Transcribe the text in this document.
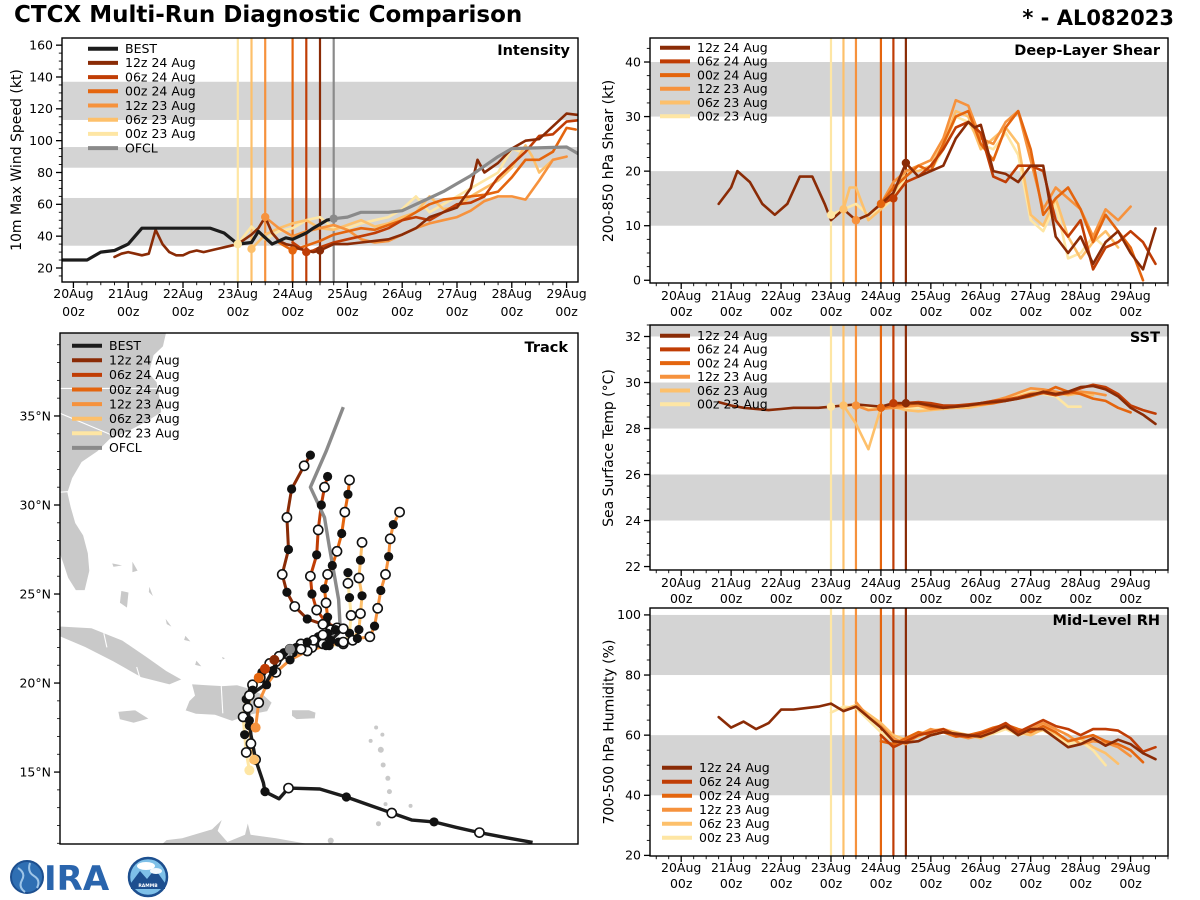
CTCX Multi-Run Diagnostic Comparison	* - AL082023
10m Max Wind Speed (kt)	200-850 hPa Shear (kt)
Sea Surface Temp (°C)
700-500 hPa Humidity (%)
20Aug
00z
21Aug
00z
22Aug
00z
23Aug
00z
24Aug
00z
25Aug
00z
26Aug
00z
27Aug
00z
28Aug
00z
29Aug
00z
20
40
60
80
100
120
140
160	BEST
12z 24 Aug
06z 24 Aug
00z 24 Aug
12z 23 Aug
06z 23 Aug
00z 23 Aug
OFCL
Intensity
20Aug
00z
21Aug
00z
22Aug
00z
23Aug
00z
24Aug
00z
25Aug
00z
26Aug
00z
27Aug
00z
28Aug
00z
29Aug
00z
0
10
20
30
40
12z 24 Aug
06z 24 Aug
00z 24 Aug
12z 23 Aug
06z 23 Aug
00z 23 Aug
Deep-Layer Shear
20Aug
00z
21Aug
00z
22Aug
00z
23Aug
00z
24Aug
00z
25Aug
00z
26Aug
00z
27Aug
00z
28Aug
00z
29Aug
00z
22
24
26
28
30
32	12z 24 Aug
06z 24 Aug
00z 24 Aug
12z 23 Aug
06z 23 Aug
00z 23 Aug
SST
20Aug
00z
21Aug
00z
22Aug
00z
23Aug
00z
24Aug
00z
25Aug
00z
26Aug
00z
27Aug
00z
28Aug
00z
29Aug
00z
20
40
60
80
100
12z 24 Aug
06z 24 Aug
00z 24 Aug
12z 23 Aug
06z 23 Aug
00z 23 Aug
Mid-Level RH
15°N
20°N
25°N
30°N
35°N
BEST
12z 24 Aug
06z 24 Aug
00z 24 Aug
12z 23 Aug
06z 23 Aug
00z 23 Aug
OFCL
Track
IRA	RAMMB
